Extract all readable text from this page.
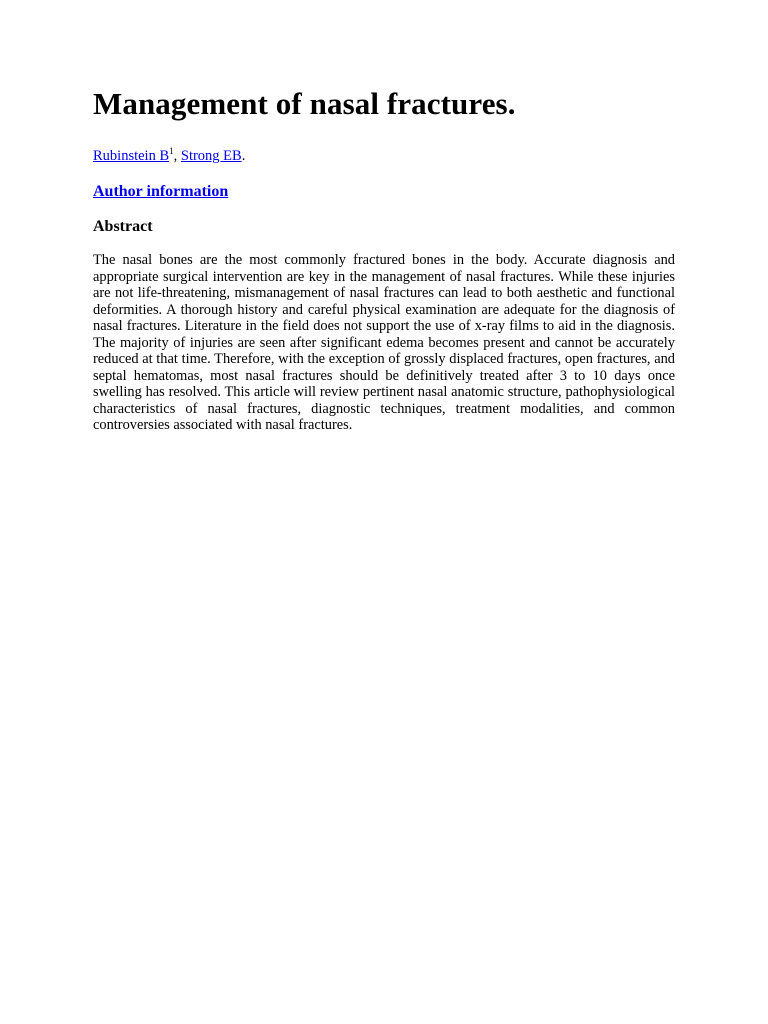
Management of nasal fractures.
Rubinstein $B^1$, Strong EB.
Author information
Abstract

The nasal bones are the most commonly fractured bones in the body. Accurate diagnosis and appropriate surgical intervention are key in the management of nasal fractures. While these injuries are not life-threatening, mismanagement of nasal fractures can lead to both aesthetic and functional deformities. A thorough history and careful physical examination are adequate for the diagnosis of nasal fractures. Literature in the field does not support the use of x-ray films to aid in the diagnosis. The majority of injuries are seen after significant edema becomes present and cannot be accurately reduced at that time. Therefore, with the exception of grossly displaced fractures, open fractures, and septal hematomas, most nasal fractures should be definitively treated after 3 to 10 days once swelling has resolved. This article will review pertinent nasal anatomic structure, pathophysiological characteristics of nasal fractures, diagnostic techniques, treatment modalities, and common controversies associated with nasal fractures.
